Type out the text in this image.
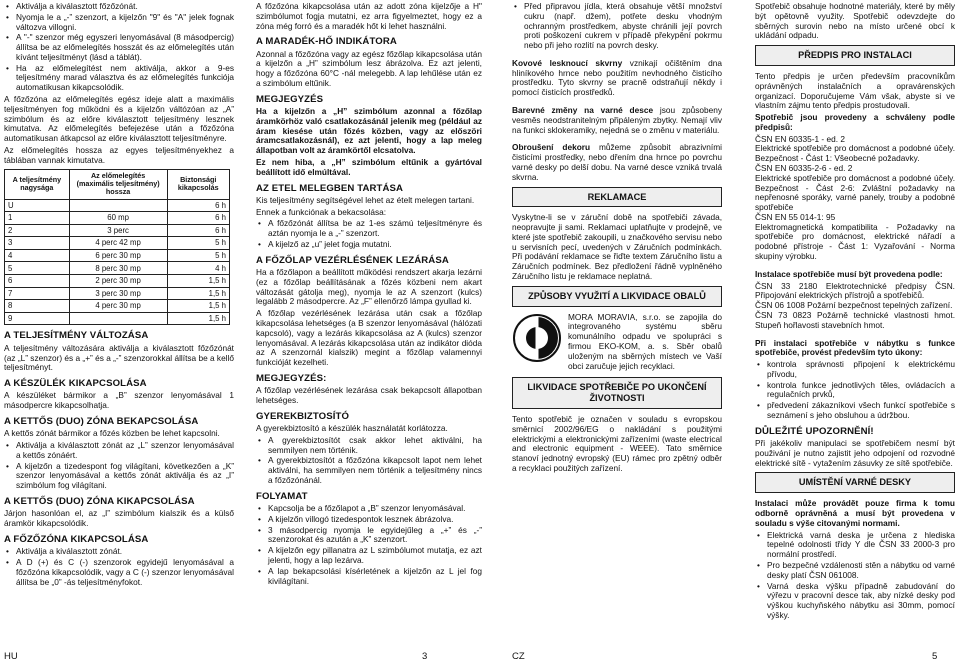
• Aktiválja a kiválasztott főzőzónát.
• Nyomja le a „-” szenzort, a kijelzőn "9" és "A" jelek fognak változva villogni.
• A "-" szenzor még egyszeri lenyomásával (8 másodpercig) állítsa be az előmelegítés hosszát és az előmelegítés után kívánt teljesítményt (lásd a táblát).
• Ha az előmelegítést nem aktiválja, akkor a 9-es teljesítmény marad választva és az előmelegítés funkciója automatikusan kikapcsolódik.

A főzőzóna az előmelegítés egész ideje alatt a maximális teljesítményen fog működni és a kijelzőn váltózóan az „A” szimbólum és az előre kiválasztott teljesítmény lesznek kimutatva. Az előmelegítés befejezése után a főzőzóna automatikusan átkapcsol az előre kiválasztott teljesítményre.

Az előmelegítés hossza az egyes teljesítményekhez a táblában vannak kimutatva.

A teljesítmény nagysága	Az előmelegítés (maximális teljesítmény) hossza	Biztonsági kikapcsolás
U		6 h
1	60 mp	6 h
2	3 perc	6 h
3	4 perc 42 mp	5 h
4	6 perc 30 mp	5 h
5	8 perc 30 mp	4 h
6	2 perc 30 mp	1,5 h
7	3 perc 30 mp	1,5 h
8	4 perc 30 mp	1,5 h
9		1,5 h
A TELJESÍTMÉNY VÁLTOZÁSA

A teljesítmény változására aktiválja a kiválasztott főzőzónát (az „L” szenzor) és a „+” és a „-” szenzorokkal állítsa be a kellő teljesítményt.

A KÉSZÜLÉK KIKAPCSOLÁSA

A készüléket bármikor a „B” szenzor lenyomásával 1 másodpercre kikapcsolhatja.

A KETTŐS (DUO) ZÓNA BEKAPCSOLÁSA

A kettős zónát bármikor a főzés közben be lehet kapcsolni.

• Aktiválja a kiválasztott zónát az „L” szenzor lenyomásával a kettős zónáért.
• A kijelzőn a tizedespont fog világítani, következően a „K” szenzor lenyomásával a kettős zónát aktiválja és az „I” szimbólum fog világítani.
A KETTŐS (DUO) ZÓNA KIKAPCSOLÁSA

Járjon hasonlóan el, az „I” szimbólum kialszik és a külső áramkör kikapcsolódik.

A FŐZŐZÓNA KIKAPCSOLÁSA
• Aktiválja a kiválasztott zónát.
• A D (+) és C (-) szenzorok egyidejű lenyomásával a főzőzóna kikapcsolódik, vagy a C (-) szenzor lenyomásával állítsa be „0” -ás teljesítményfokot.

A főzőzóna kikapcsolása után az adott zóna kijelzője a H" szimbólumot fogja mutatni, ez arra figyelmeztet, hogy ez a zóna még forró és a maradék hőt ki lehet használni.

A MARADÉK-HŐ INDIKÁTORA

Azonnal a főzőzóna vagy az egész főzőlap kikapcsolása után a kijelzőn a „H” szimbólum lesz ábrázolva. Ez azt jelenti, hogy a főzőzóna 60°C -nál melegebb. A lap lehűlése után ez a szimbólum eltűnik.

MEGJEGYZÉS

Ha a kijelzőn a „H” szimbólum azonnal a főzőlap áramkörhöz való csatlakozásánál jelenik meg (például az áram kiesése után főzés közben, vagy az előszöri áramcsatlakozásnál), ez azt jelenti, hogy a lap meleg állapotban volt az áramkörtől elcsatolva.

Ez nem hiba, a „H” szimbólum eltűnik a gyártóval beállított idő elmúltával.

AZ ETEL MELEGBEN TARTÁSA

Kis teljesítmény segítségével lehet az ételt melegen tartani.

Ennek a funkciónak a bekacsolása:

• A főzőzónát állítsa be az 1-es számú teljesítményre és aztán nyomja le a „-” szenzort.
• A kijelző az „u” jelet fogja mutatni.
A FŐZŐLAP VEZÉRLÉSÉNEK LEZÁRÁSA

Ha a főzőlapon a beállított működési rendszert akarja lezárni (ez a főzőlap beállításának a főzés közbeni nem akart változását gátolja meg), nyomja le az A szenzort (kulcs) legalább 2 másodpercre. Az „F” ellenőrző lámpa gyullad ki.

A főzőlap vezérlésének lezárása után csak a főzőlap kikapcsolása lehetséges (a B szenzor lenyomásával (hálózati kapcsoló), vagy a lezárás kikapcsolása az A (kulcs) szenzor lenyomásával. A lezárás kikapcsolása után az indikátor dióda az A szenzornál kialszik) megint a főzőlap valamennyi funkcióját kezelheti.

MEGJEGYZÉS:

A főzőlap vezérlésének lezárása csak bekapcsolt állapotban lehetséges.

GYEREKBIZTOSÍTÓ

A gyerekbiztosító a készülék használatát korlátozza.

• A gyerekbiztosítót csak akkor lehet aktiválni, ha semmilyen nem történik.
• A gyerekbiztosítót a főzőzóna kikapcsolt lapot nem lehet aktiválni, ha semmilyen nem történik a teljesítmény nincs a főzőzónánál.
FOLYAMAT
• Kapcsolja be a főzőlapot a „B” szenzor lenyomásával.
• A kijelzőn villogó tizedespontok lesznek ábrázolva.
• 3 másodpercig nyomja le egyidejűleg a „+” és „-” szenzorokat és azután a „K” szenzort.
• A kijelzőn egy pillanatra az L szimbólumot mutatja, ez azt jelenti, hogy a lap lezárva.
• A lap bekapcsolási kísérletének a kijelzőn az L jel fog kivilágítani.
• Před připravou jídla, která obsahuje větší množství cukru (např. džem), potřete desku vhodným ochranným prostředkem, abyste chránili její povrch proti poškození cukrem v případě překypění pokrmu nebo při jeho rozlití na povrch desky.

Kovové lesknoucí skvrny vznikají očištěním dna hliníkového hrnce nebo použitím nevhodného čisticího prostředku. Tyto skvrny se pracně odstraňují někdy i pomocí čisticích prostředků.

Barevné změny na varné desce jsou způsobeny vesměs neodstranitelným připáleným zbytky. Nemají vliv na funkci sklokeramiky, nejedná se o změnu v materiálu.

Obroušení dekoru můžeme způsobit abrazivními čisticími prostředky, nebo dřením dna hrnce po povrchu varné desky po delší dobu. Na varné desce vzniká trvalá skvrna.

REKLAMACE

Vyskytne-li se v záruční době na spotřebiči závada, neopravujte ji sami. Reklamaci uplatňujte v prodejně, ve které jste spotřebič zakoupili, u značkového servisu nebo u servisních pecí, uvedených v Záručních podmínkách. Při podávání reklamace se řiďte textem Záručního listu a Záručních podmínek. Bez předložení řádně vyplněného Záručního listu je reklamace neplatná.

ZPŮSOBY VYUŽITÍ A LIKVIDACE OBALŮ

MORA MORAVIA, s.r.o. se zapojila do integrovaného systému sběru komunálního odpadu ve spolupráci s firmou EKO-KOM, a. s. Sběr obalů uloženým na sběrných místech ve Vaší obci zaručuje jejich recyklaci.

LIKVIDACE SPOTŘEBIČE PO UKONČENÍ ŽIVOTNOSTI

Tento spotřebič je označen v souladu s evropskou směrnicí 2002/96/EG o nakládání s použitými elektrickými a elektronickými zařízeními (waste electrical and electronic equipment - WEEE). Tato směrnice stanoví jednotný evropský (EU) rámec pro zpětný odběr a recyklaci použitých zařízení.

Spotřebič obsahuje hodnotné materiály, které by měly být opětovně využity. Spotřebič odevzdejte do sběrných surovin nebo na místo určené obcí k ukládání odpadu.

PŘEDPIS PRO INSTALACI

Tento předpis je určen především pracovníkům oprávněných instalačních a opravárenských organizací. Doporučujeme Vám však, abyste si ve vlastním zájmu tento předpis prostudovali.

Spotřebič jsou provedeny a schváleny podle předpisů:

ČSN EN 60335-1 - ed. 2
Elektrické spotřebiče pro domácnost a podobné účely. Bezpečnost - Část 1: Všeobecné požadavky.
ČSN EN 60335-2-6 - ed. 2
Elektrické spotřebiče pro domácnost a podobné účely. Bezpečnost - Část 2-6: Zvláštní požadavky na nepřenosné sporáky, varné panely, trouby a podobné spotřebiče
ČSN EN 55 014-1: 95
Elektromagnetická kompatibilita - Požadavky na spotřebiče pro domácnost, elektrické nářadí a podobné přístroje - Část 1: Vyzařování - Norma skupiny výrobku.

Instalace spotřebiče musí být provedena podle:

ČSN 33 2180 Elektrotechnické předpisy ČSN. Připojování elektrických přístrojů a spotřebičů.
ČSN 06 1008 Požární bezpečnost tepelných zařízení.
ČSN 73 0823 Požárně technické vlastnosti hmot. Stupeň hořlavosti stavebních hmot.

Při instalaci spotřebiče v nábytku s funkce spotřebiče, provést především tyto úkony:

• kontrola správnosti připojení k elektrickému přívodu,
• kontrola funkce jednotlivých těles, ovládacích a regulačních prvků,
• předvedení zákazníkovi všech funkcí spotřebiče s seznámení s jeho obsluhou a údržbou.
DŮLEŽITÉ UPOZORNĚNÍ!

Při jakékoliv manipulaci se spotřebičem nesmí být použivání je nutno zajistit jeho odpojení od rozvodné elektrické sítě - vytažením zásuvky ze sítě spotřebiče.

UMÍSTĚNÍ VARNÉ DESKY

Instalaci může provádět pouze firma k tomu odborně oprávněná a musí být provedena v souladu s výše citovanými normami.

• Elektrická varná deska je určena z hlediska tepelné odolnosti třídy Y dle ČSN 33 2000-3 pro normální prostředí.
• Pro bezpečné vzdálenosti stěn a nábytku od varné desky platí ČSN 061008.
• Varná deska výšku případně zabudování do výřezu v pracovní desce tak, aby nízké desky pod výškou kuchyňského nábytku asi 30mm, pomocí výšky.
HU	3	CZ	5
